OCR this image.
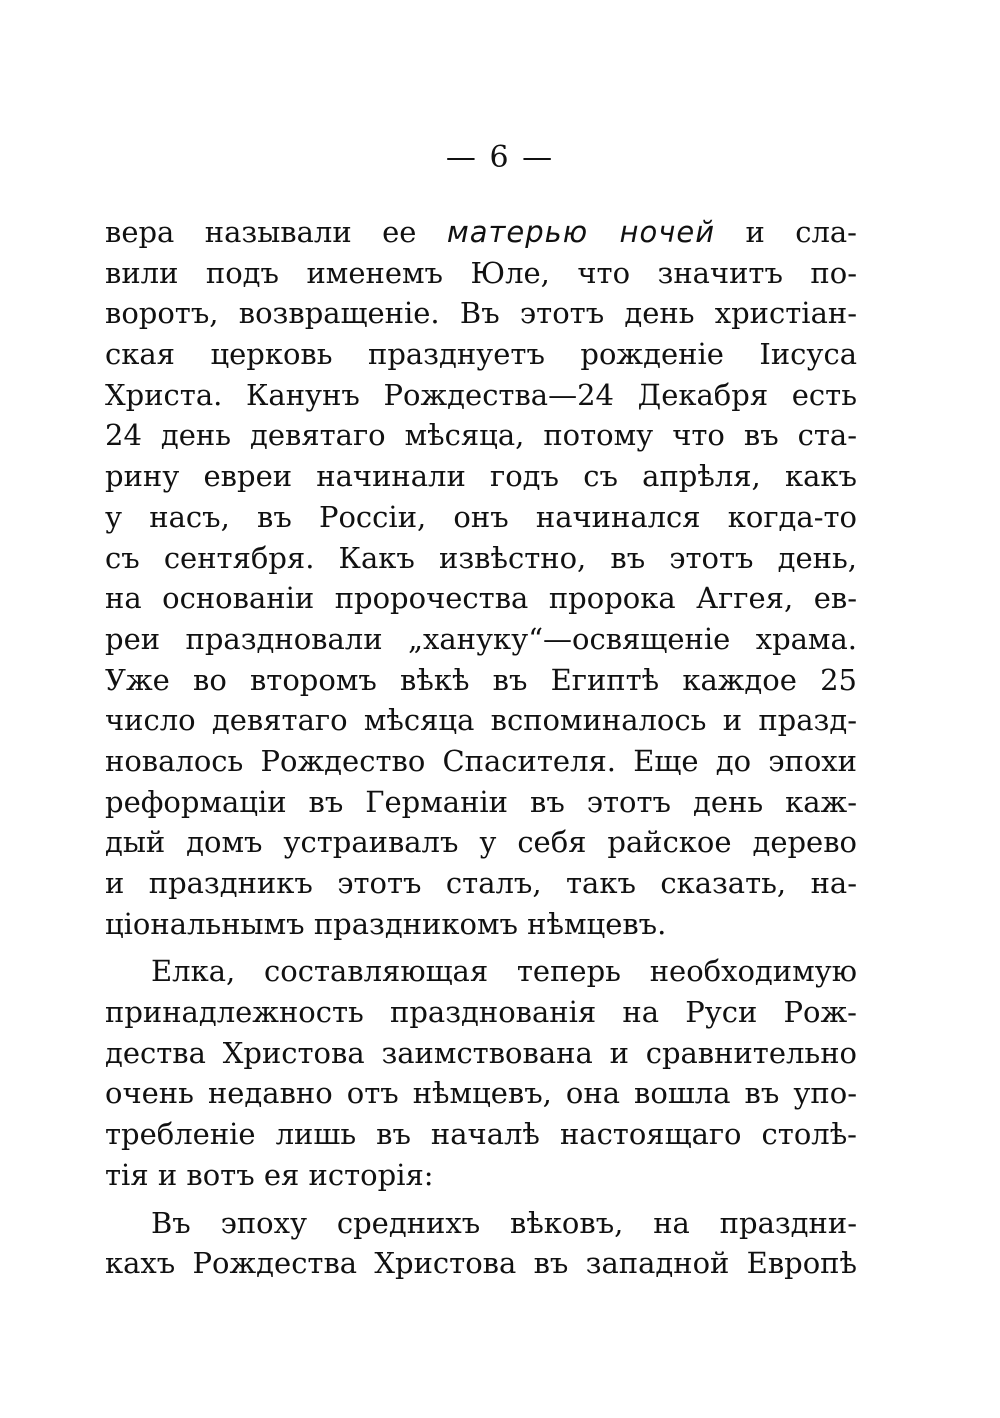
— 6 —
вера называли ее матерью ночей и сла-
вили подъ именемъ Юле, что значитъ по-
воротъ, возвращеніе. Въ этотъ день христіан-
ская церковь празднуетъ рожденіе Іисуса
Христа. Канунъ Рождества—24 Декабря есть
24 день девятаго мѣсяца, потому что въ ста-
рину евреи начинали годъ съ апрѣля, какъ
у насъ, въ Россіи, онъ начинался когда-то
съ сентября. Какъ извѣстно, въ этотъ день,
на основаніи пророчества пророка Аггея, ев-
реи праздновали „хануку“—освященіе храма.
Уже во второмъ вѣкѣ въ Египтѣ каждое 25
число девятаго мѣсяца вспоминалось и празд-
новалось Рождество Спасителя. Еще до эпохи
реформаціи въ Германіи въ этотъ день каж-
дый домъ устраивалъ у себя райское дерево
и праздникъ этотъ сталъ, такъ сказать, на-
ціональнымъ праздникомъ нѣмцевъ.
Елка, составляющая теперь необходимую
принадлежность празднованія на Руси Рож-
дества Христова заимствована и сравнительно
очень недавно отъ нѣмцевъ, она вошла въ упо-
требленіе лишь въ началѣ настоящаго столѣ-
тія и вотъ ея исторія:
Въ эпоху среднихъ вѣковъ, на праздни-
кахъ Рождества Христова въ западной Европѣ
